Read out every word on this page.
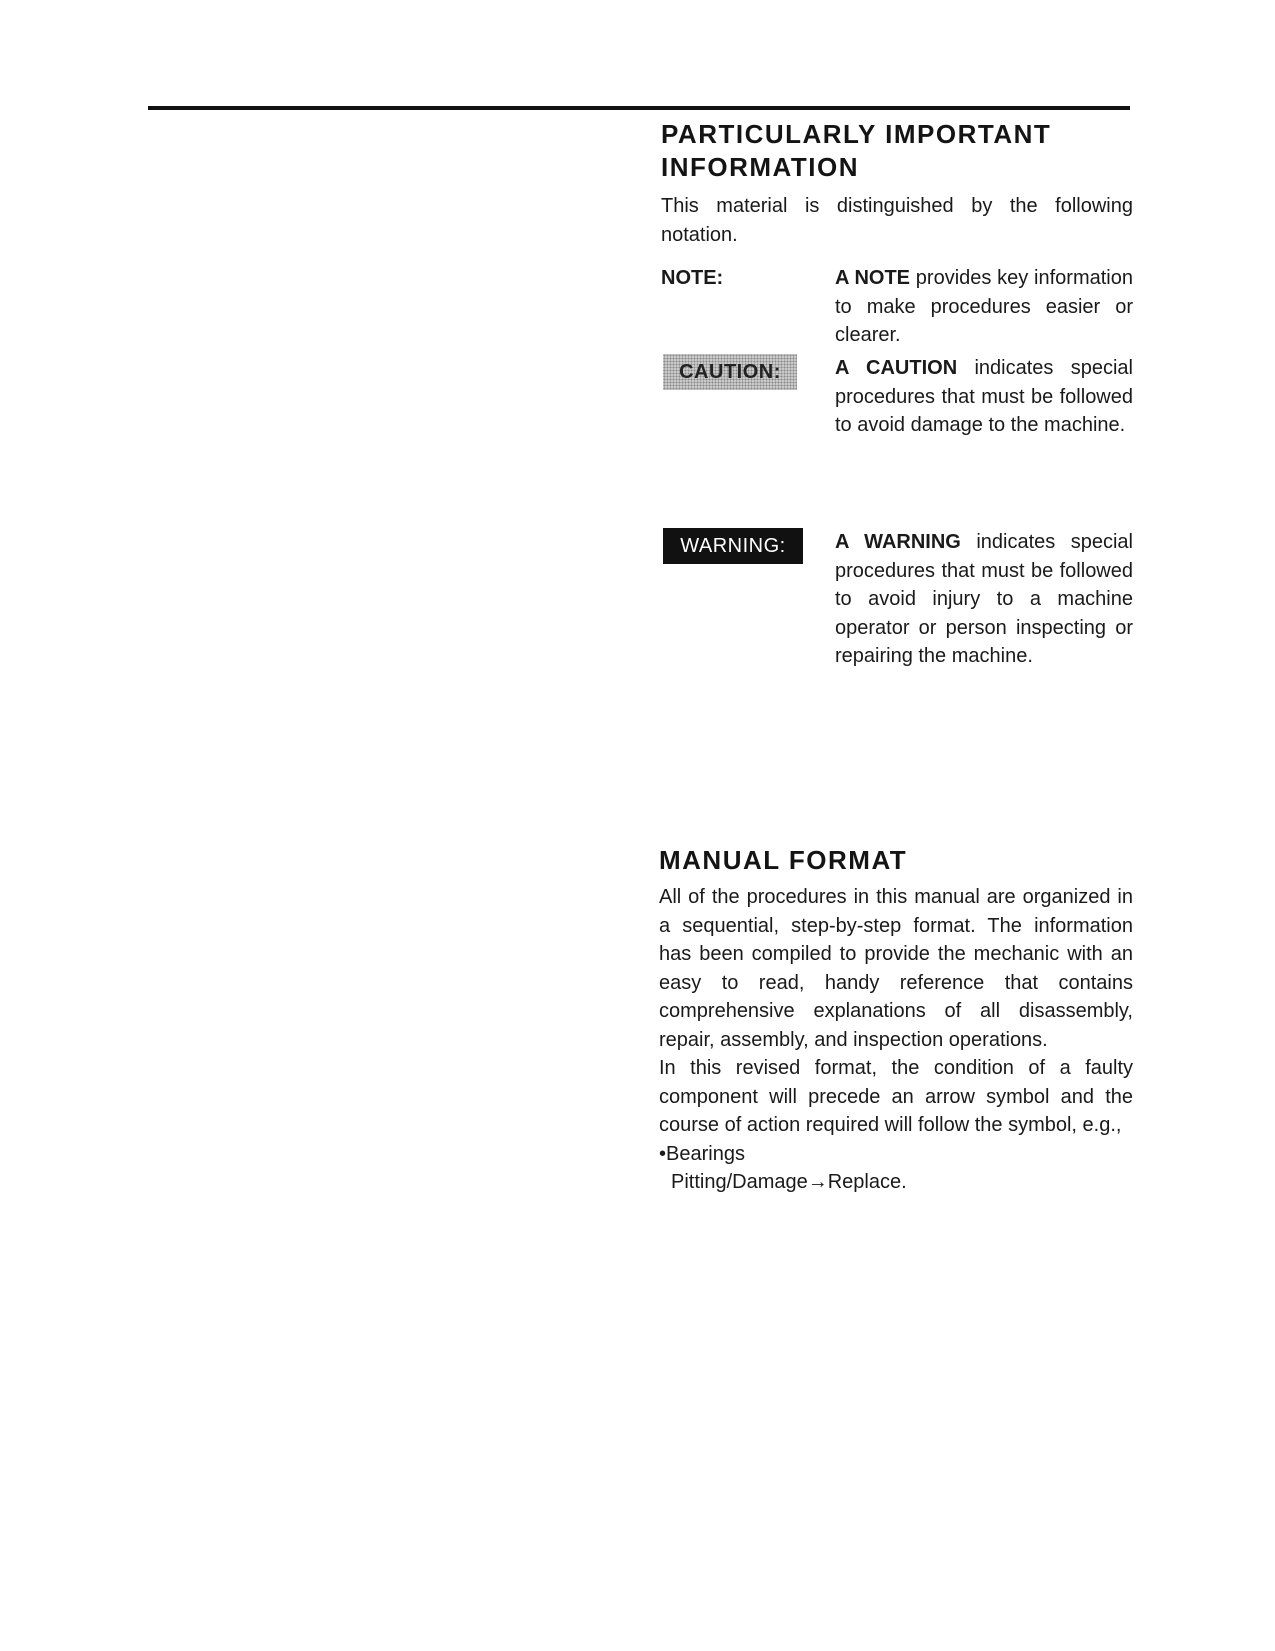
PARTICULARLY IMPORTANT
INFORMATION

This material is distinguished by the following notation.

NOTE:	A NOTE provides key information to make procedures easier or clearer.
CAUTION:	A CAUTION indicates special procedures that must be followed to avoid damage to the machine.
WARNING:	A WARNING indicates special procedures that must be followed to avoid injury to a machine operator or person inspecting or repairing the machine.
MANUAL FORMAT

All of the procedures in this manual are organized in a sequential, step-by-step format. The information has been compiled to provide the mechanic with an easy to read, handy reference that contains comprehensive explanations of all disassembly, repair, assembly, and inspection operations.

In this revised format, the condition of a faulty component will precede an arrow symbol and the course of action required will follow the symbol, e.g.,

•Bearings

Pitting/Damage→Replace.
